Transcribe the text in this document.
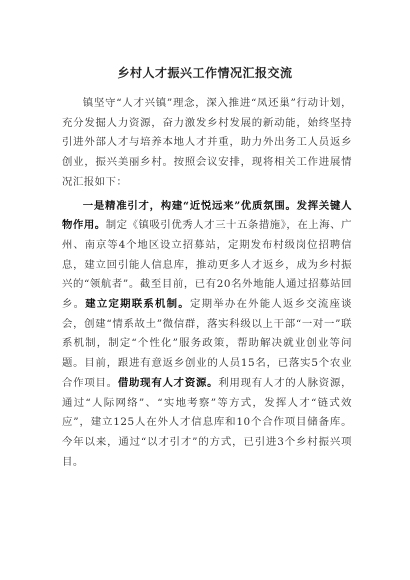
乡村人才振兴工作情况汇报交流

镇坚守“人才兴镇”理念，深入推进“凤还巢”行动计划，充分发掘人力资源，奋力激发乡村发展的新动能，始终坚持引进外部人才与培养本地人才并重，助力外出务工人员返乡创业，振兴美丽乡村。按照会议安排，现将相关工作进展情况汇报如下：

一是精准引才，构建“近悦远来”优质氛围。发挥关键人物作用。制定《镇吸引优秀人才三十五条措施》，在上海、广州、南京等4个地区设立招募站，定期发布村级岗位招聘信息，建立回引能人信息库，推动更多人才返乡，成为乡村振兴的“领航者”。截至目前，已有20名外地能人通过招募站回乡。建立定期联系机制。定期举办在外能人返乡交流座谈会，创建“情系故土”微信群，落实科级以上干部“一对一”联系机制，制定“个性化”服务政策，帮助解决就业创业等问题。目前，跟进有意返乡创业的人员15名，已落实5个农业合作项目。借助现有人才资源。利用现有人才的人脉资源，通过“人际网络”、“实地考察”等方式，发挥人才“链式效应”，建立125人在外人才信息库和10个合作项目储备库。今年以来，通过“以才引才”的方式，已引进3个乡村振兴项目。
